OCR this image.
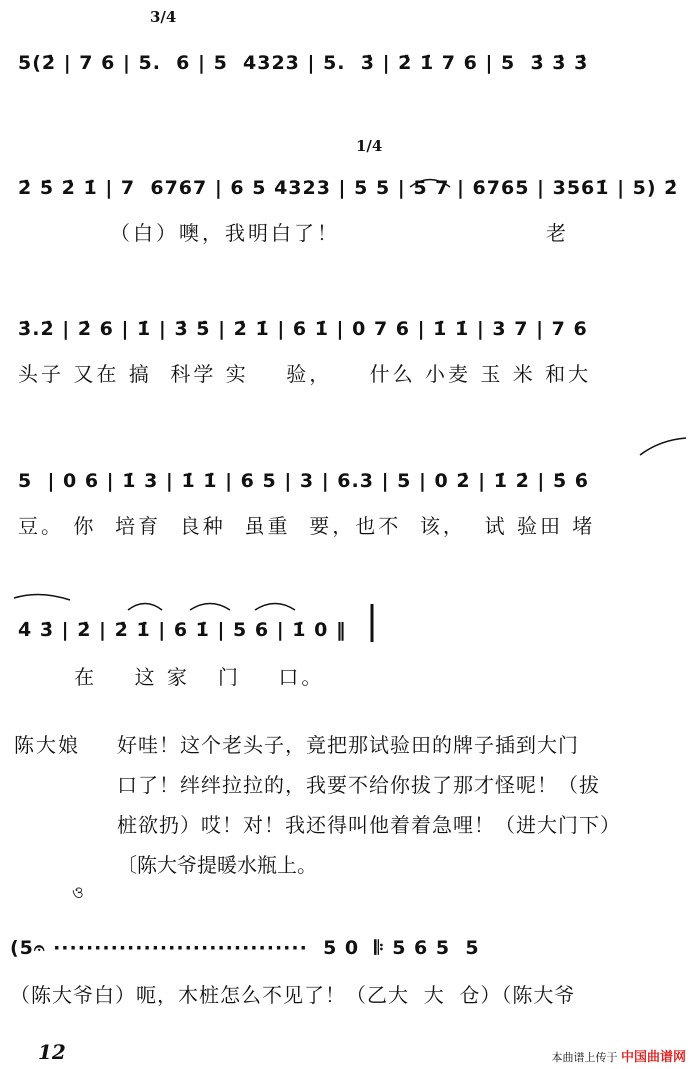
5(2̇ | 7 6 | 5.  6 | 5  4323 | 5.  3̇ | 2̇ 1̇ 7 6 | 5  3̇ 3̇ 3̇
3/4
2̇ 5̇ 2̇ 1̇ | 7  6767 | 6 5 4323 | 5 5 | 5 7 | 6765 | 3561̇ | 5) 2̇
1/4
（白）噢，我明白了！                      老
3̇.2̇ | 2̇ 6 | 1̇ | 3̇ 5̇ | 2̇ 1̇ | 6 1̇ | 0 7 6 | 1̇ 1̇ | 3 7 | 7 6
头子 又在 搞  科学 实    验，    什么 小麦 玉 米 和大
5  | 0 6 | 1̇ 3 | 1̇ 1̇ | 6 5 | 3 | 6.3 | 5 | 0 2̇ | 1̇ 2̇ | 5̇ 6̇
豆。 你  培育  良种  虽重  要，也不  该，  试 验田 堵
4̇ 3̇ | 2̇ | 2̇ 1̇ | 6 1̇ | 5 6 | 1̇ 0 ‖
在    这 家   门    口。
陈大娘 好哇！这个老头子，竟把那试验田的牌子插到大门
口了！绊绊拉拉的，我要不给你拔了那才怪呢！（拔
桩欲扔）哎！对！我还得叫他着着急哩！（进大门下）
〔陈大爷提暖水瓶上。
ও
(5𝄐 ·······························  5 0  𝄆 5 6 5  5
（陈大爷白）呃，木桩怎么不见了！（乙大  大  仓）（陈大爷
12	本曲谱上传于 中国曲谱网
